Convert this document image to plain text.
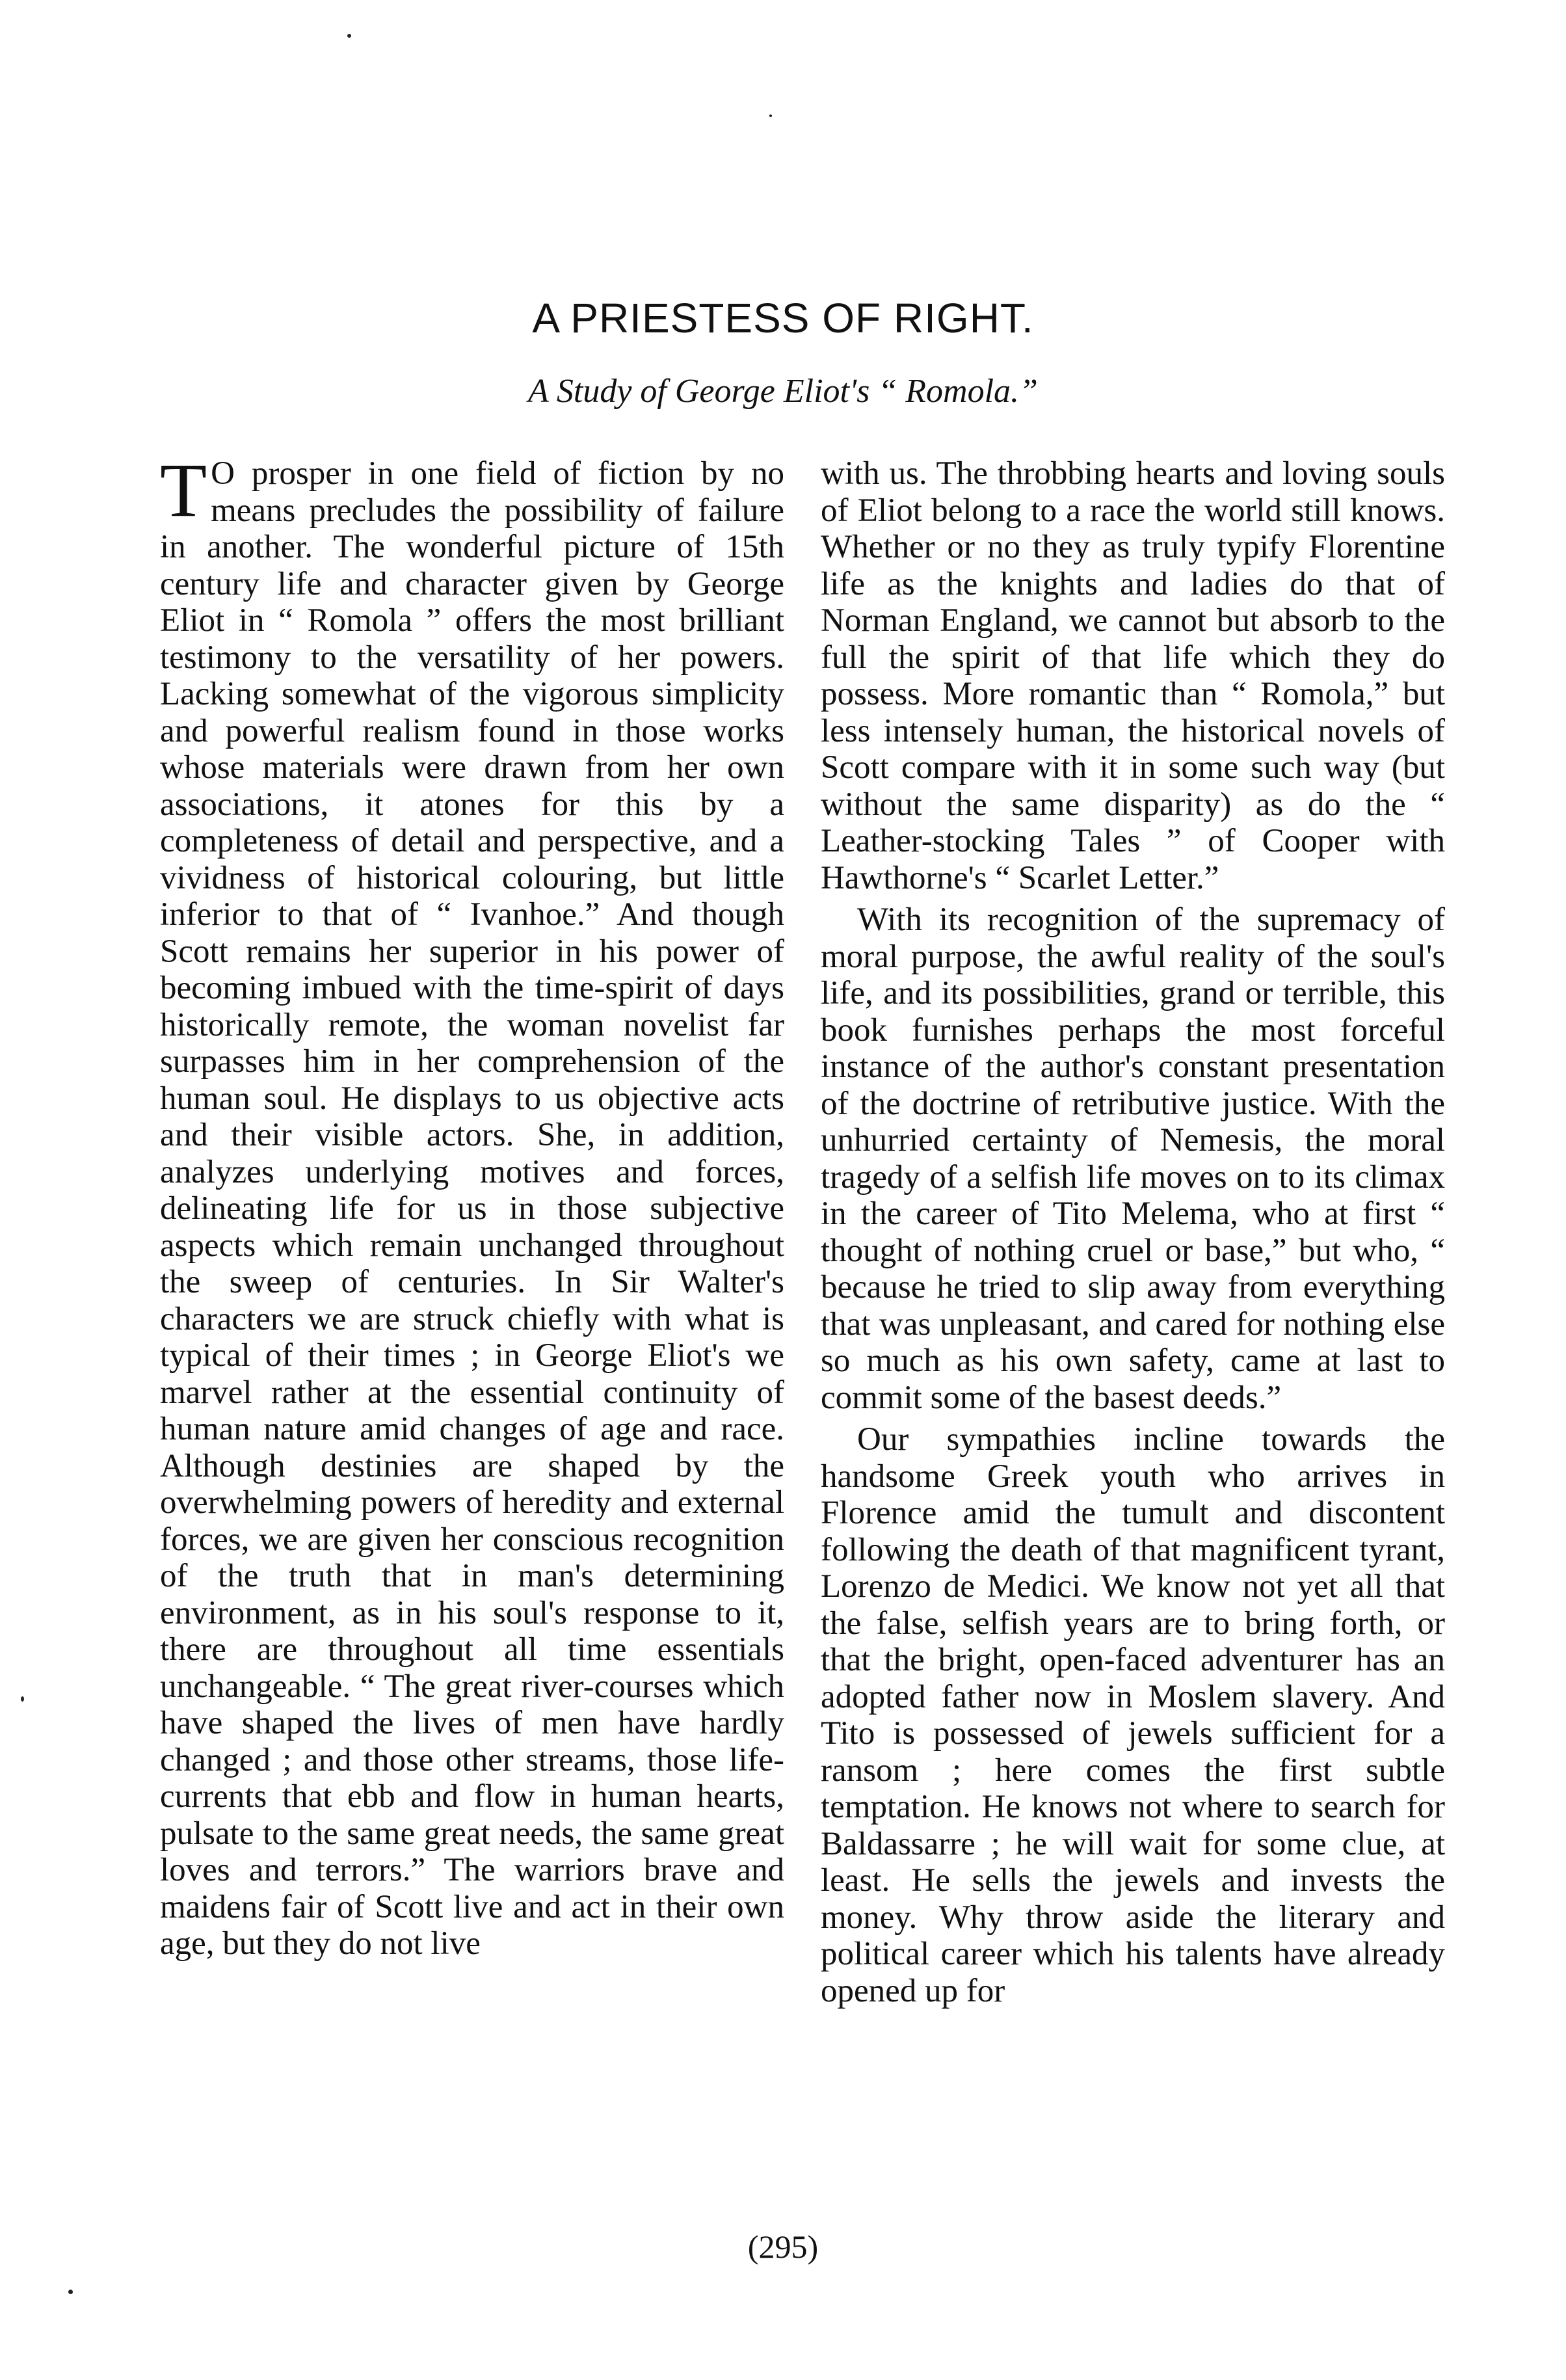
A PRIESTESS OF RIGHT.
A Study of George Eliot's “ Romola.”

T O prosper in one field of fiction by no means precludes the possibility of failure in another. The wonderful picture of 15th century life and character given by George Eliot in “ Romola ” offers the most brilliant testimony to the versatility of her powers. Lacking somewhat of the vigorous simplicity and powerful realism found in those works whose materials were drawn from her own associations, it atones for this by a completeness of detail and perspective, and a vividness of historical colouring, but little inferior to that of “ Ivanhoe.” And though Scott remains her superior in his power of becoming imbued with the time-spirit of days historically remote, the woman novelist far surpasses him in her comprehension of the human soul. He displays to us objective acts and their visible actors. She, in addition, analyzes underlying motives and forces, delineating life for us in those subjective aspects which remain unchanged throughout the sweep of centuries. In Sir Walter's characters we are struck chiefly with what is typical of their times ; in George Eliot's we marvel rather at the essential continuity of human nature amid changes of age and race. Although destinies are shaped by the overwhelming powers of heredity and external forces, we are given her conscious recognition of the truth that in man's determining environment, as in his soul's response to it, there are throughout all time essentials unchangeable. “ The great river-courses which have shaped the lives of men have hardly changed ; and those other streams, those life-currents that ebb and flow in human hearts, pulsate to the same great needs, the same great loves and terrors.” The warriors brave and maidens fair of Scott live and act in their own age, but they do not live

with us. The throbbing hearts and loving souls of Eliot belong to a race the world still knows. Whether or no they as truly typify Florentine life as the knights and ladies do that of Norman England, we cannot but absorb to the full the spirit of that life which they do possess. More romantic than “ Romola,” but less intensely human, the historical novels of Scott compare with it in some such way (but without the same disparity) as do the “ Leather-stocking Tales ” of Cooper with Hawthorne's “ Scarlet Letter.”

With its recognition of the supremacy of moral purpose, the awful reality of the soul's life, and its possibilities, grand or terrible, this book furnishes perhaps the most forceful instance of the author's constant presentation of the doctrine of retributive justice. With the unhurried certainty of Nemesis, the moral tragedy of a selfish life moves on to its climax in the career of Tito Melema, who at first “ thought of nothing cruel or base,” but who, “ because he tried to slip away from everything that was unpleasant, and cared for nothing else so much as his own safety, came at last to commit some of the basest deeds.”

Our sympathies incline towards the handsome Greek youth who arrives in Florence amid the tumult and discontent following the death of that magnificent tyrant, Lorenzo de Medici. We know not yet all that the false, selfish years are to bring forth, or that the bright, open-faced adventurer has an adopted father now in Moslem slavery. And Tito is possessed of jewels sufficient for a ransom ; here comes the first subtle temptation. He knows not where to search for Baldassarre ; he will wait for some clue, at least. He sells the jewels and invests the money. Why throw aside the literary and political career which his talents have already opened up for

(295)
